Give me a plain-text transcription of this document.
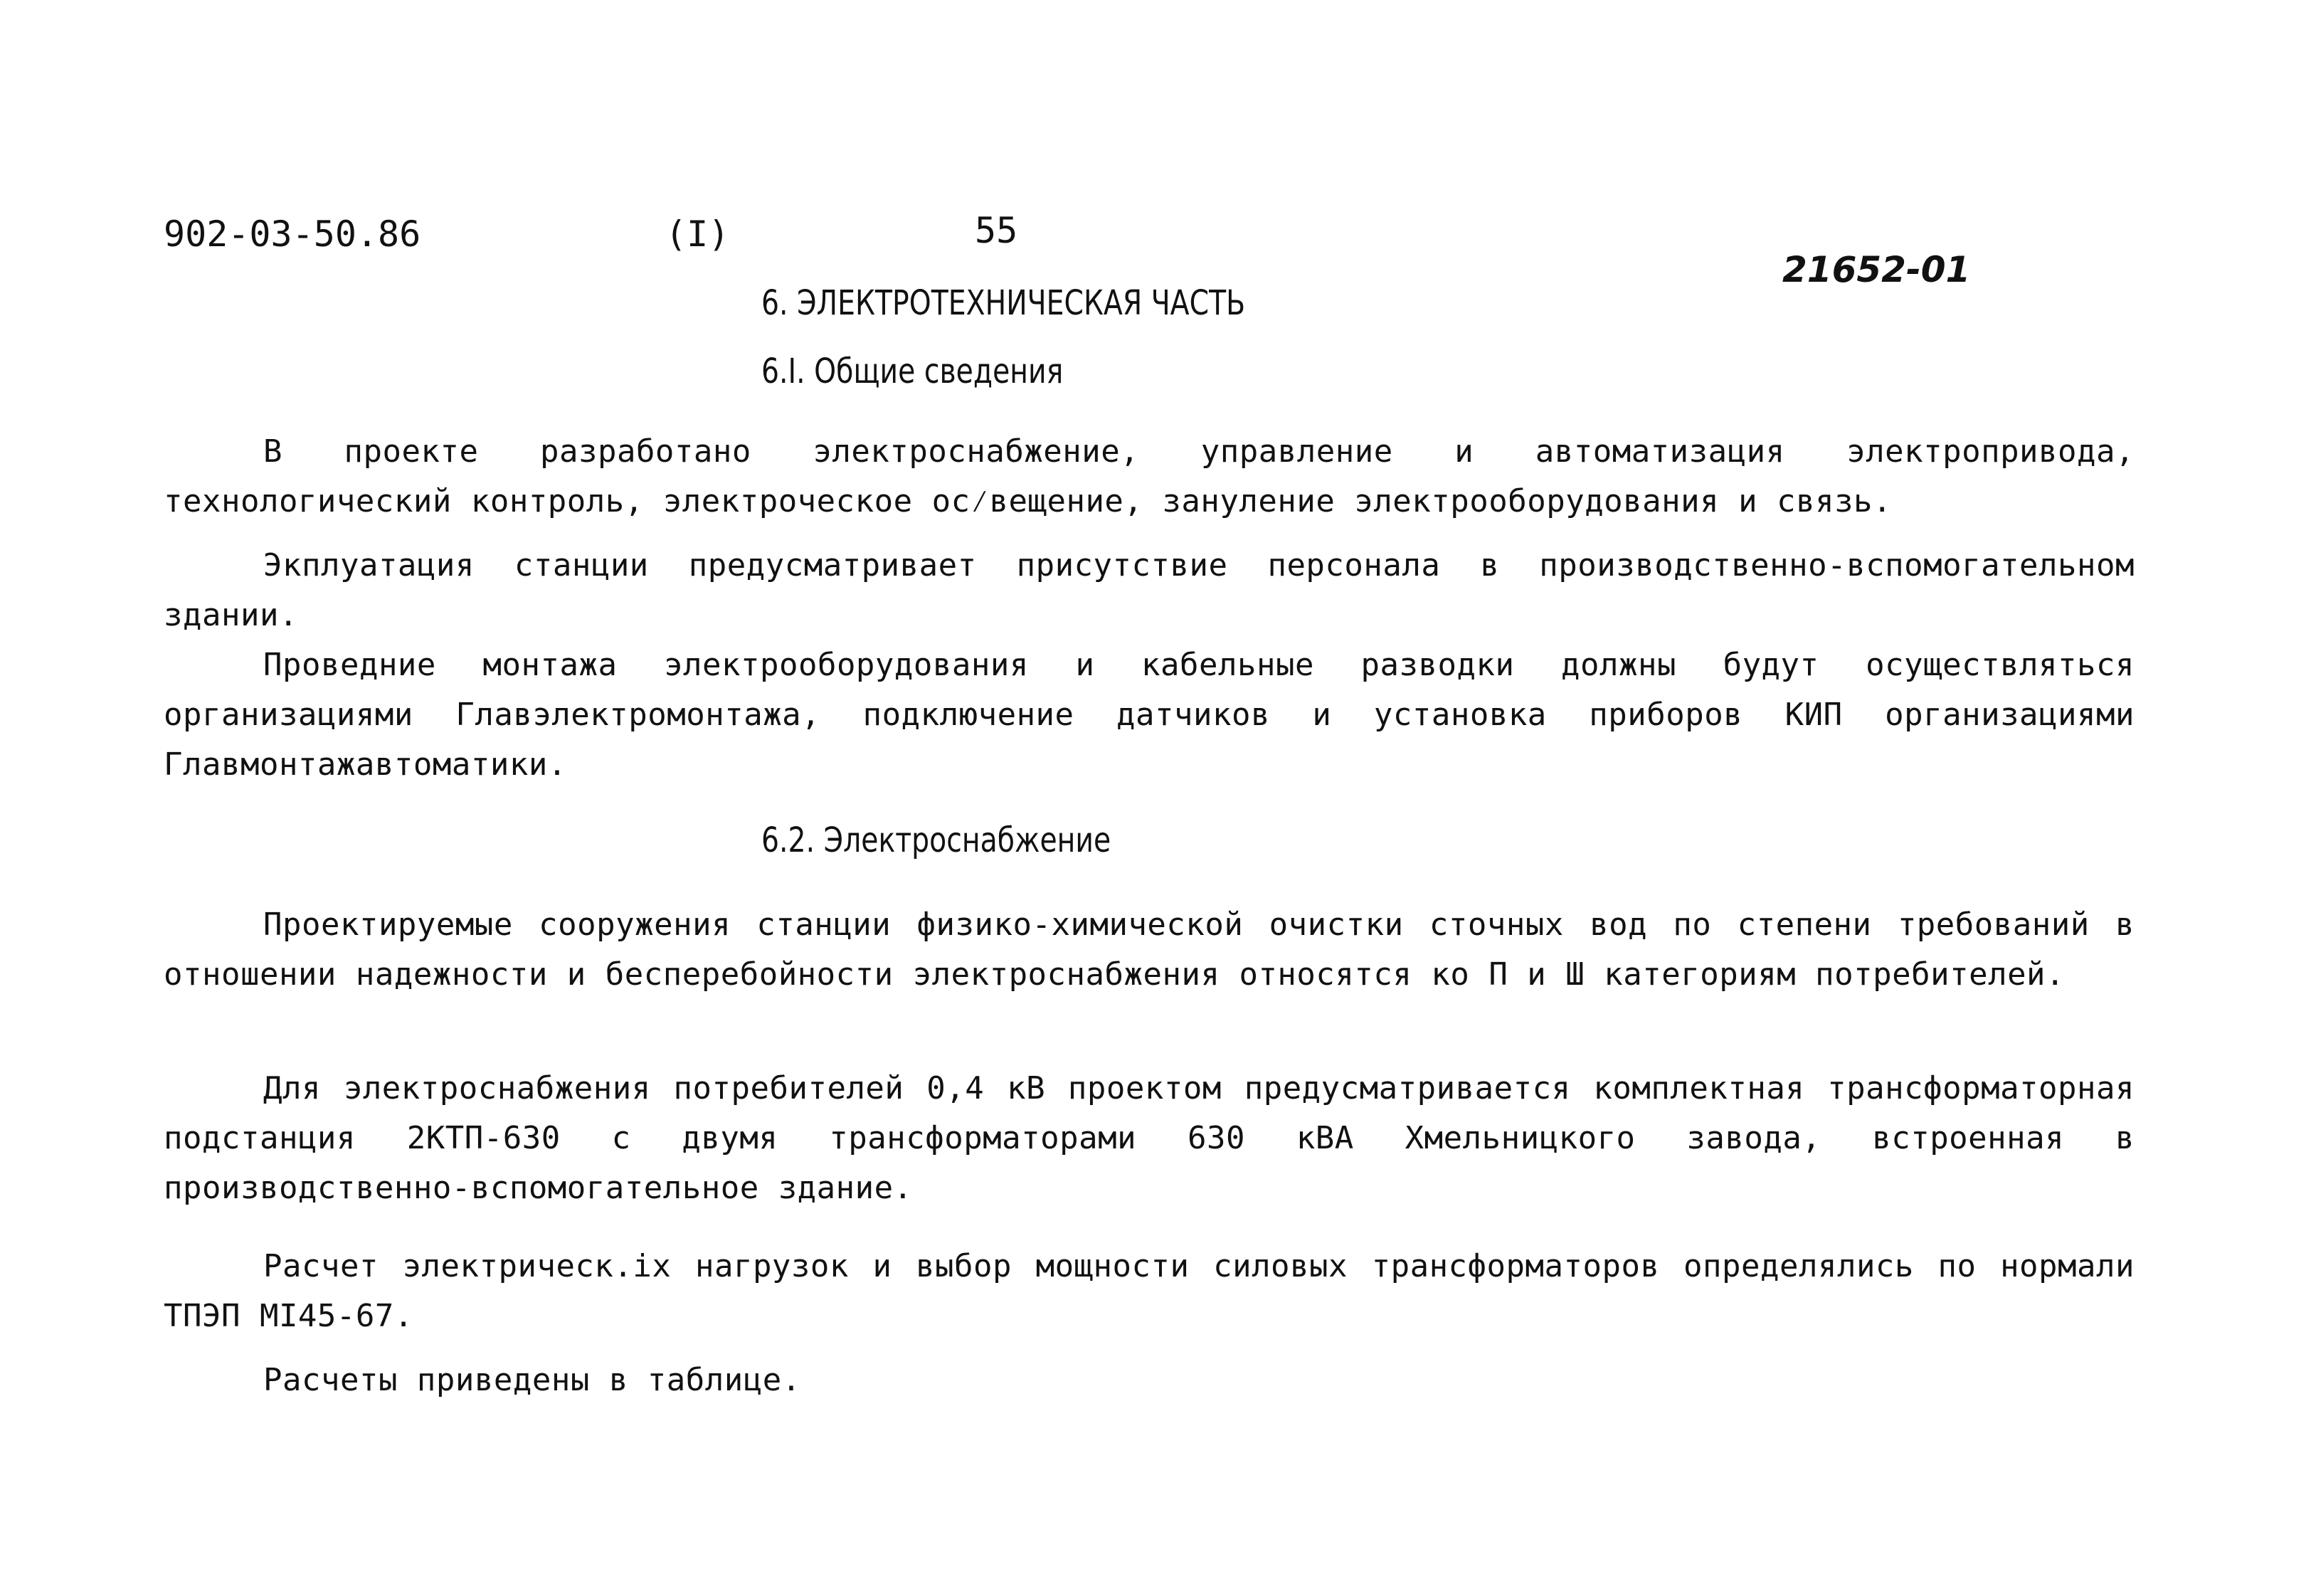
902-03-50.86	(I)	55
21652-01
6. ЭЛЕКТРОТЕХНИЧЕСКАЯ ЧАСТЬ
6.I. Общие сведения

В проекте разработано электроснабжение, управление и автоматизация электропривода, технологический контроль, электроческое ос⁄вещение, зануление электрооборудования и связь.

Экплуатация станции предусматривает присутствие персонала в производственно-вспомогательном здании.

Проведние монтажа электрооборудования и кабельные разводки должны будут осуществляться организациями Главэлектромонтажа, подключение датчиков и установка приборов КИП организациями Главмонтажавтоматики.

6.2. Электроснабжение

Проектируемые сооружения станции физико-химической очистки сточных вод по степени требований в отношении надежности и бесперебойности электроснабжения относятся ко П и Ш категориям потребителей.

Для электроснабжения потребителей 0,4 кВ проектом предусматривается комплектная трансформаторная подстанция 2КТП-630 с двумя трансформаторами 630 кВА Хмельницкого завода, встроенная в производственно-вспомогательное здание.

Расчет электрическ.іх нагрузок и выбор мощности силовых трансформаторов определялись по нормали ТПЭП МI45-67.

Расчеты приведены в таблице.
